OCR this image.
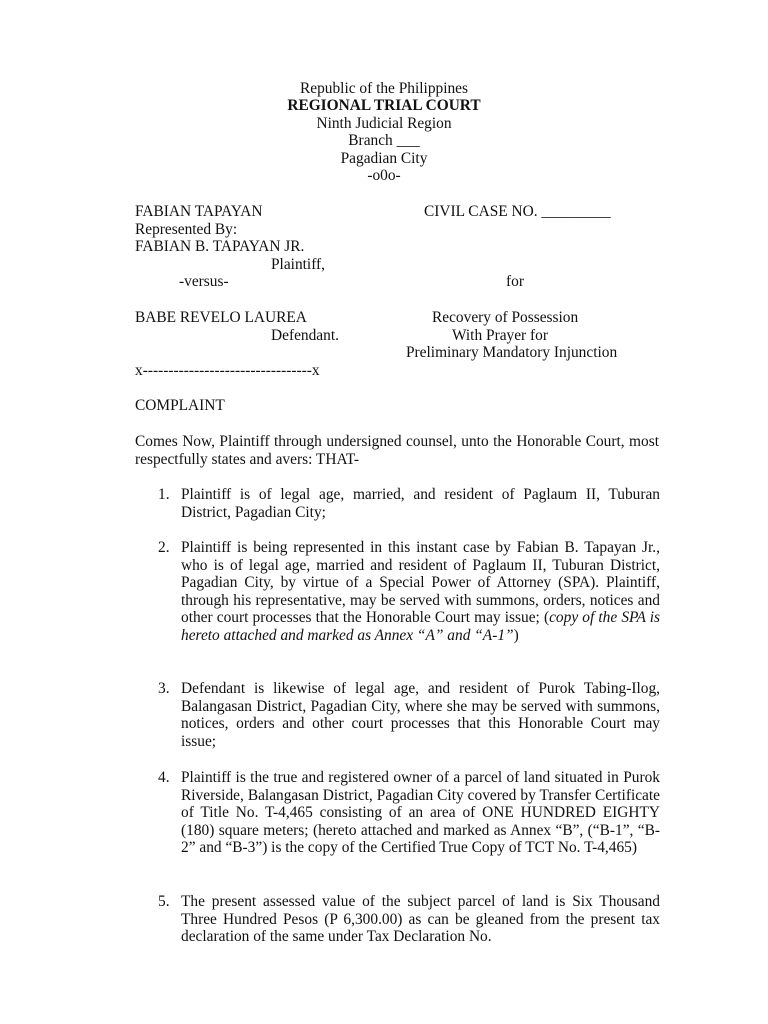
Republic of the Philippines
REGIONAL TRIAL COURT
Ninth Judicial Region
Branch ___
Pagadian City
-o0o-
FABIAN TAPAYAN	CIVIL CASE NO. _________
Represented By:
FABIAN B. TAPAYAN JR.
Plaintiff,
-versus-	for
BABE REVELO LAUREA	Recovery of Possession
Defendant.	With Prayer for
Preliminary Mandatory Injunction
x---------------------------------x
COMPLAINT
Comes Now, Plaintiff through undersigned counsel, unto the Honorable Court, most respectfully states and avers: THAT-
1. Plaintiff is of legal age, married, and resident of Paglaum II, Tuburan District, Pagadian City;
2. Plaintiff is being represented in this instant case by Fabian B. Tapayan Jr., who is of legal age, married and resident of Paglaum II, Tuburan District, Pagadian City, by virtue of a Special Power of Attorney (SPA). Plaintiff, through his representative, may be served with summons, orders, notices and other court processes that the Honorable Court may issue; (copy of the SPA is hereto attached and marked as Annex “A” and “A-1”)
3. Defendant is likewise of legal age, and resident of Purok Tabing-Ilog, Balangasan District, Pagadian City, where she may be served with summons, notices, orders and other court processes that this Honorable Court may issue;
4. Plaintiff is the true and registered owner of a parcel of land situated in Purok Riverside, Balangasan District, Pagadian City covered by Transfer Certificate of Title No. T-4,465 consisting of an area of ONE HUNDRED EIGHTY (180) square meters; (hereto attached and marked as Annex “B”, (“B-1”, “B-2” and “B-3”) is the copy of the Certified True Copy of TCT No. T-4,465)
5. The present assessed value of the subject parcel of land is Six Thousand Three Hundred Pesos (P 6,300.00) as can be gleaned from the present tax declaration of the same under Tax Declaration No.
